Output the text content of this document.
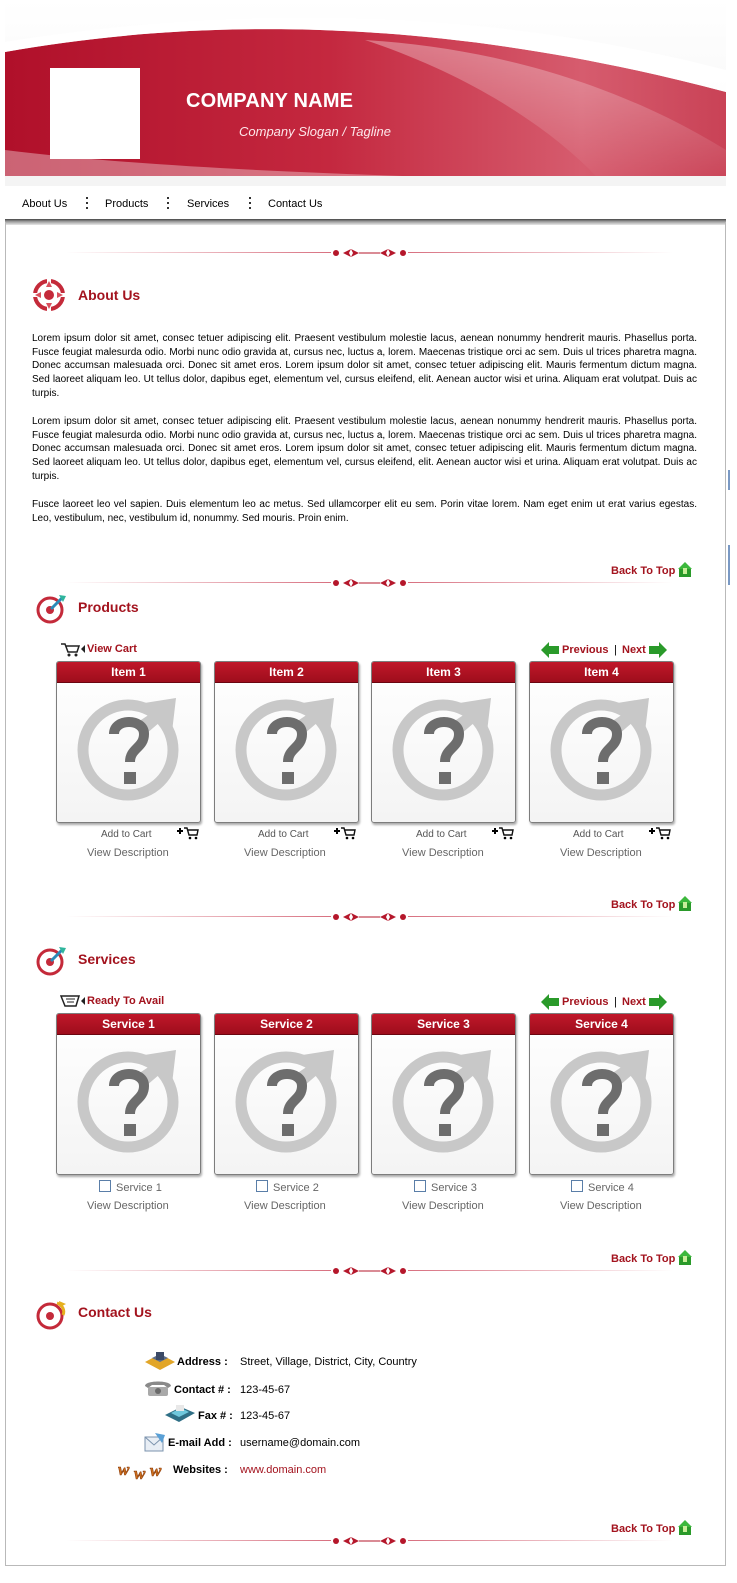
COMPANY NAME
Company Slogan / Tagline
About Us	Products	Services	Contact Us
About Us

Lorem ipsum dolor sit amet, consec tetuer adipiscing elit. Praesent vestibulum molestie lacus, aenean nonummy hendrerit mauris. Phasellus porta. Fusce feugiat malesurda odio. Morbi nunc odio gravida at, cursus nec, luctus a, lorem. Maecenas tristique orci ac sem. Duis ul trices pharetra magna. Donec accumsan malesuada orci. Donec sit amet eros. Lorem ipsum dolor sit amet, consec tetuer adipiscing elit. Mauris fermentum dictum magna. Sed laoreet aliquam leo. Ut tellus dolor, dapibus eget, elementum vel, cursus eleifend, elit. Aenean auctor wisi et urina. Aliquam erat volutpat. Duis ac turpis.

Lorem ipsum dolor sit amet, consec tetuer adipiscing elit. Praesent vestibulum molestie lacus, aenean nonummy hendrerit mauris. Phasellus porta. Fusce feugiat malesurda odio. Morbi nunc odio gravida at, cursus nec, luctus a, lorem. Maecenas tristique orci ac sem. Duis ul trices pharetra magna. Donec accumsan malesuada orci. Donec sit amet eros. Lorem ipsum dolor sit amet, consec tetuer adipiscing elit. Mauris fermentum dictum magna. Sed laoreet aliquam leo. Ut tellus dolor, dapibus eget, elementum vel, cursus eleifend, elit. Aenean auctor wisi et urina. Aliquam erat volutpat. Duis ac turpis.

Fusce laoreet leo vel sapien. Duis elementum leo ac metus. Sed ullamcorper elit eu sem. Porin vitae lorem. Nam eget enim ut erat varius egestas. Leo, vestibulum, nec, vestibulum id, nonummy. Sed mouris. Proin enim.

Back To Top
Products
View Cart	Previous | Next
Item 1	Item 2	Item 3	Item 4
Add to Cart
View Description
Add to Cart
View Description
Add to Cart
View Description
Add to Cart
View Description
Back To Top
Services
Ready To Avail	Previous | Next
Service 1	Service 2	Service 3	Service 4
Service 1
View Description
Service 2
View Description
Service 3
View Description
Service 4
View Description
Back To Top
Contact Us
Address : Street, Village, District, City, Country
Contact # : 123-45-67
Fax # : 123-45-67
E-mail Add : username@domain.com
w w w Websites : www.domain.com
Back To Top
